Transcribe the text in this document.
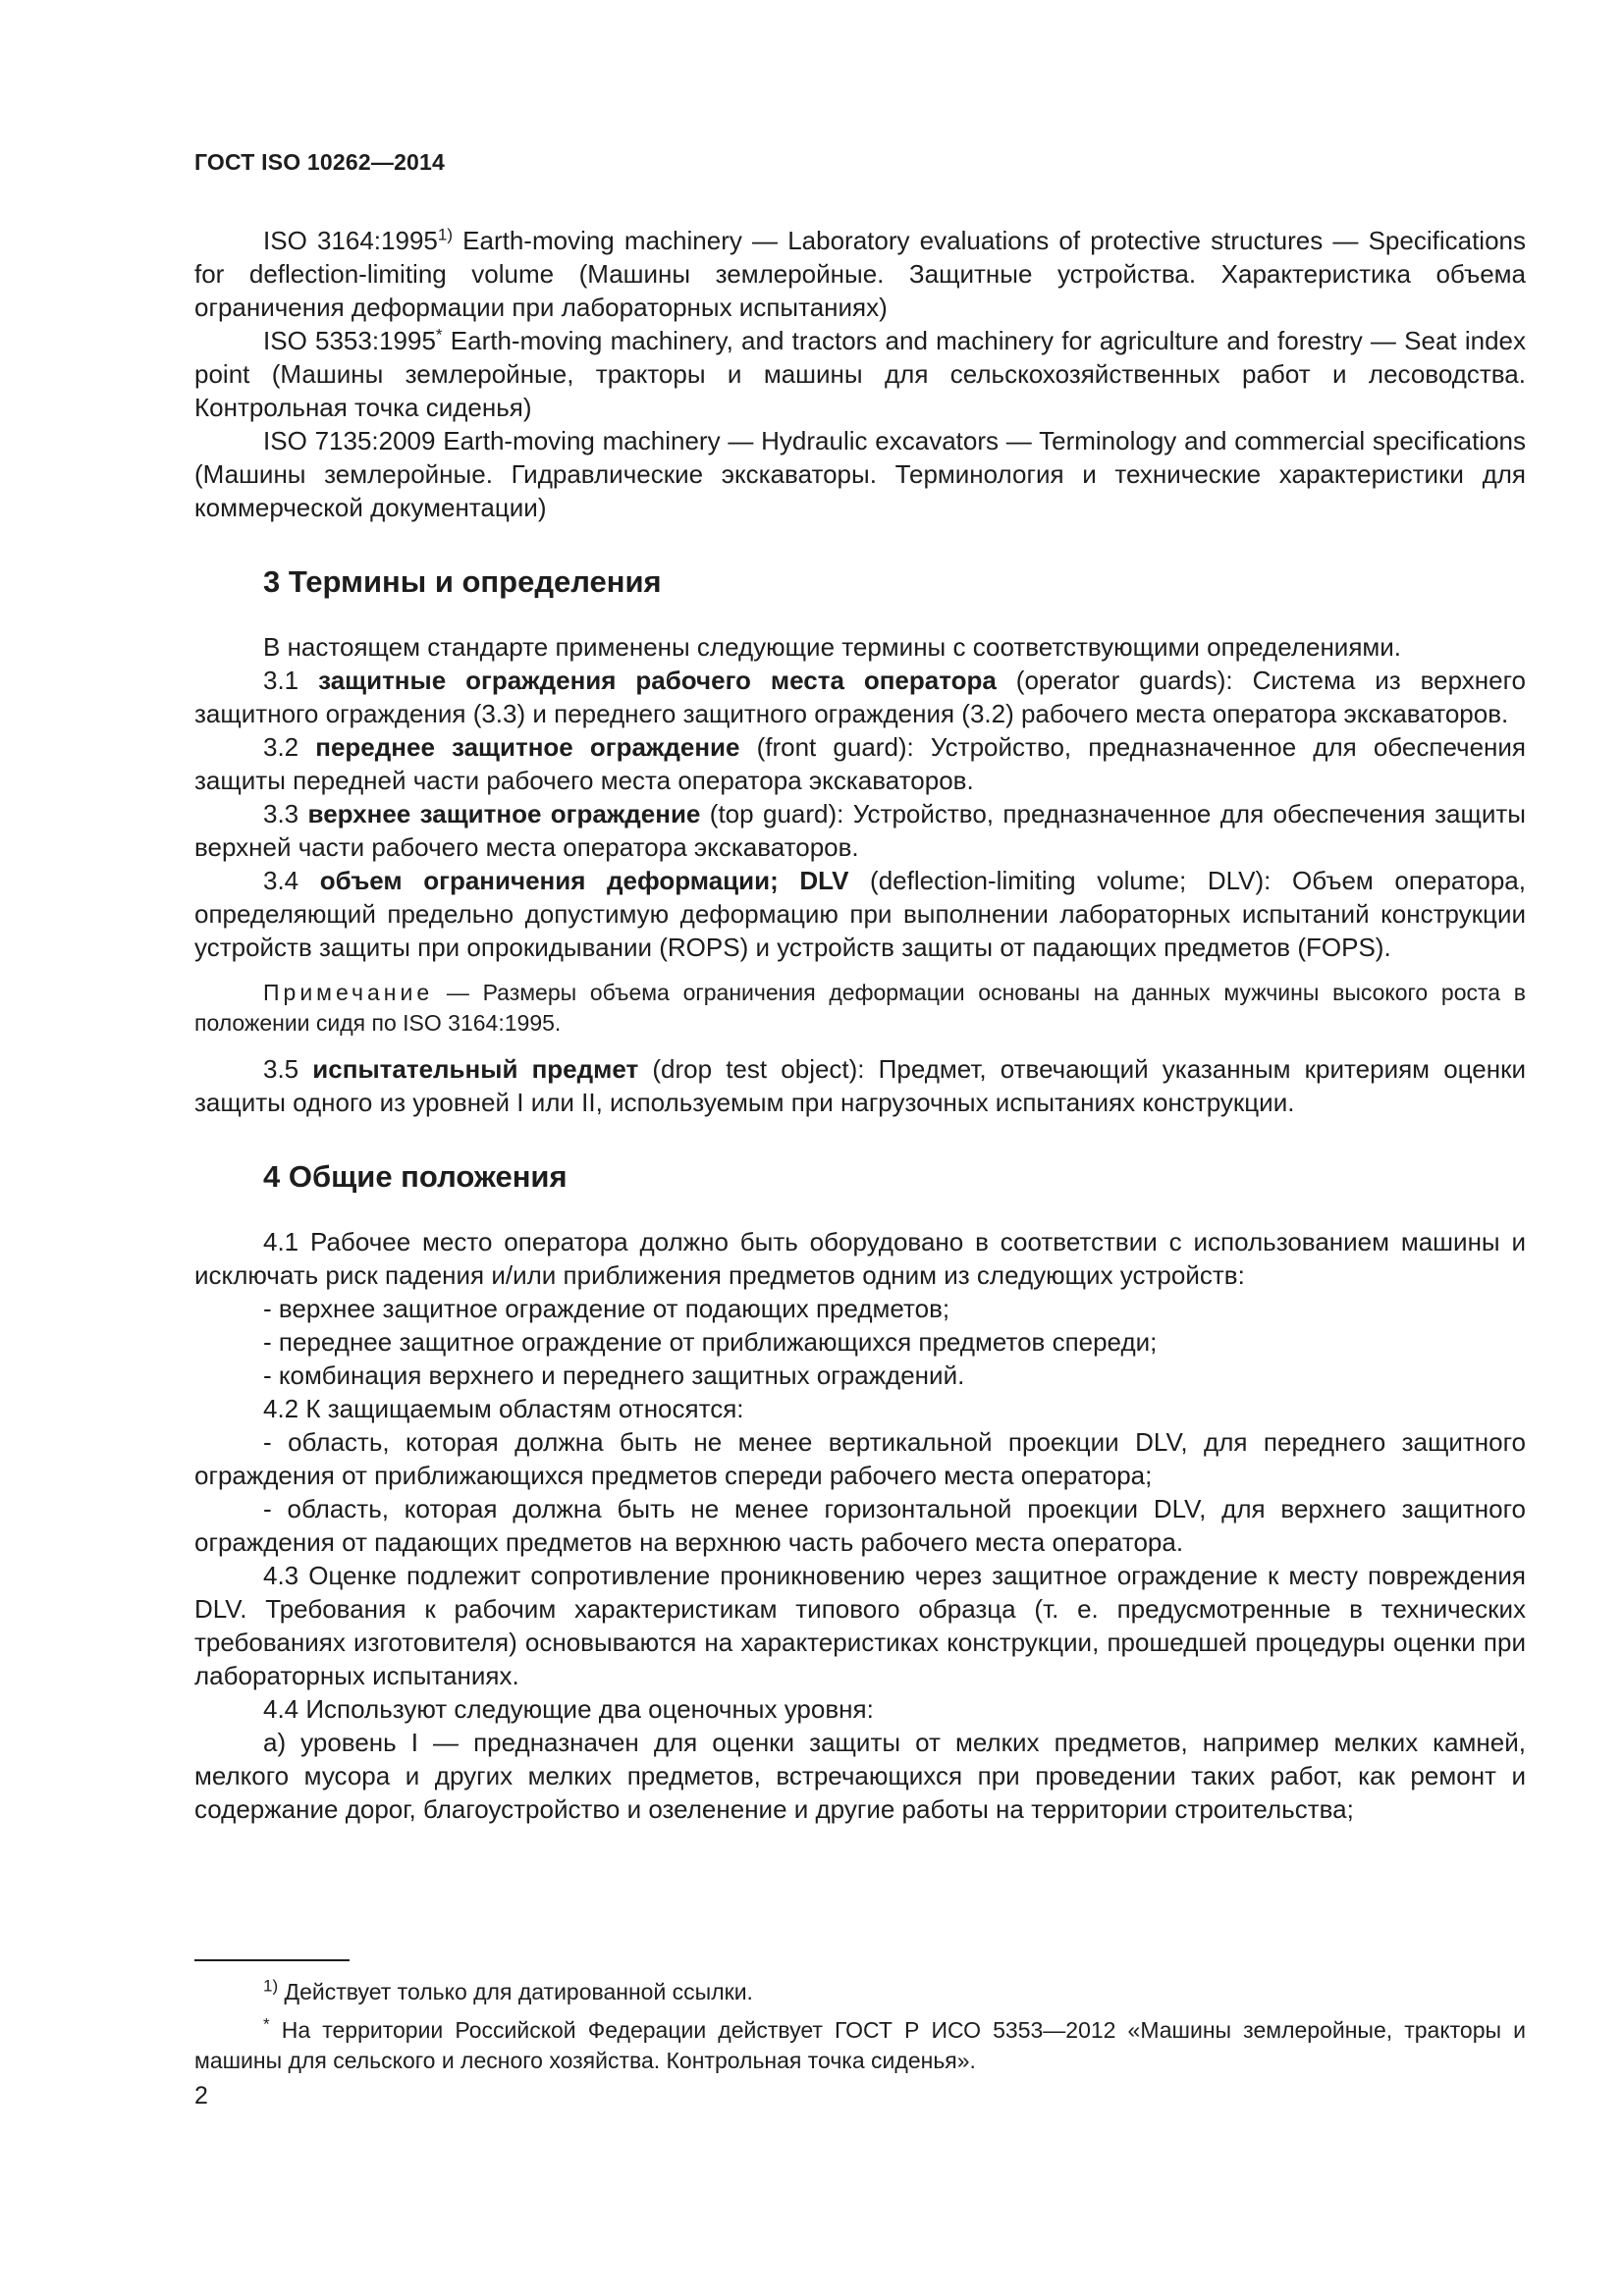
ГОСТ ISO 10262—2014

ISO 3164:1995$^{1)}$ Earth-moving machinery — Laboratory evaluations of protective structures — Specifications for deflection-limiting volume (Машины землеройные. Защитные устройства. Характеристика объема ограничения деформации при лабораторных испытаниях)

ISO 5353:1995* Earth-moving machinery, and tractors and machinery for agriculture and forestry — Seat index point (Машины землеройные, тракторы и машины для сельскохозяйственных работ и лесоводства. Контрольная точка сиденья)

ISO 7135:2009 Earth-moving machinery — Hydraulic excavators — Terminology and commercial specifications (Машины землеройные. Гидравлические экскаваторы. Терминология и технические характеристики для коммерческой документации)

3 Термины и определения

В настоящем стандарте применены следующие термины с соответствующими определениями.

3.1 защитные ограждения рабочего места оператора (operator guards): Система из верхнего защитного ограждения (3.3) и переднего защитного ограждения (3.2) рабочего места оператора экскаваторов.

3.2 переднее защитное ограждение (front guard): Устройство, предназначенное для обеспечения защиты передней части рабочего места оператора экскаваторов.

3.3 верхнее защитное ограждение (top guard): Устройство, предназначенное для обеспечения защиты верхней части рабочего места оператора экскаваторов.

3.4 объем ограничения деформации; DLV (deflection-limiting volume; DLV): Объем оператора, определяющий предельно допустимую деформацию при выполнении лабораторных испытаний конструкции устройств защиты при опрокидывании (ROPS) и устройств защиты от падающих предметов (FOPS).

Примечание — Размеры объема ограничения деформации основаны на данных мужчины высокого роста в положении сидя по ISO 3164:1995.

3.5 испытательный предмет (drop test object): Предмет, отвечающий указанным критериям оценки защиты одного из уровней I или II, используемым при нагрузочных испытаниях конструкции.

4 Общие положения

4.1 Рабочее место оператора должно быть оборудовано в соответствии с использованием машины и исключать риск падения и/или приближения предметов одним из следующих устройств:

- верхнее защитное ограждение от подающих предметов;

- переднее защитное ограждение от приближающихся предметов спереди;

- комбинация верхнего и переднего защитных ограждений.

4.2 К защищаемым областям относятся:

- область, которая должна быть не менее вертикальной проекции DLV, для переднего защитного ограждения от приближающихся предметов спереди рабочего места оператора;

- область, которая должна быть не менее горизонтальной проекции DLV, для верхнего защитного ограждения от падающих предметов на верхнюю часть рабочего места оператора.

4.3 Оценке подлежит сопротивление проникновению через защитное ограждение к месту повреждения DLV. Требования к рабочим характеристикам типового образца (т. е. предусмотренные в технических требованиях изготовителя) основываются на характеристиках конструкции, прошедшей процедуры оценки при лабораторных испытаниях.

4.4 Используют следующие два оценочных уровня:

а) уровень I — предназначен для оценки защиты от мелких предметов, например мелких камней, мелкого мусора и других мелких предметов, встречающихся при проведении таких работ, как ремонт и содержание дорог, благоустройство и озеленение и другие работы на территории строительства;

$^{1)}$ Действует только для датированной ссылки.

* На территории Российской Федерации действует ГОСТ Р ИСО 5353—2012 «Машины землеройные, тракторы и машины для сельского и лесного хозяйства. Контрольная точка сиденья».

2
